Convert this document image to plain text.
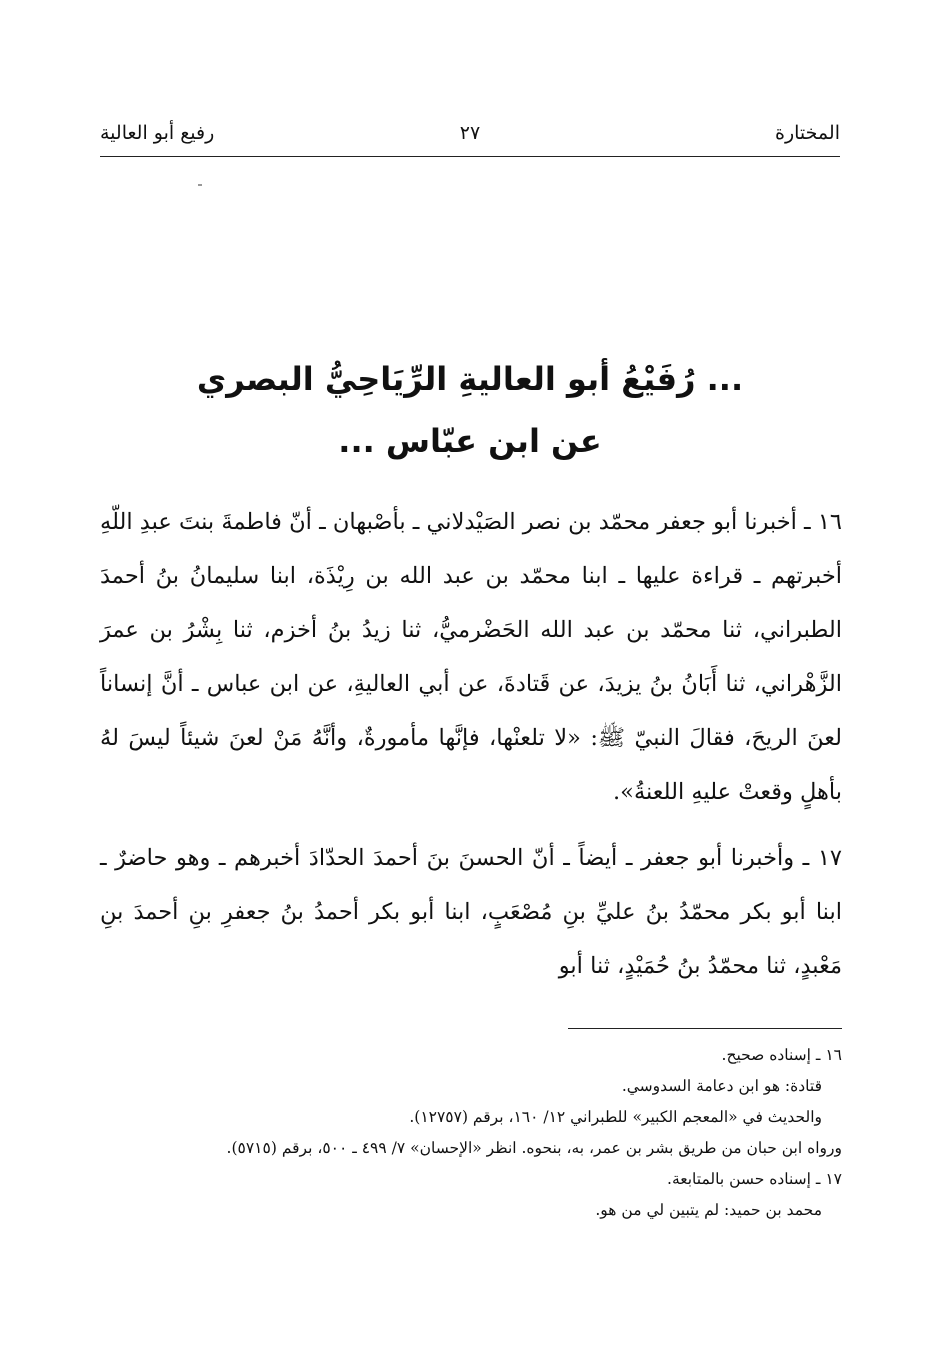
المختارة
٢٧
رفيع أبو العالية
... رُفَيْعُ أبو العاليةِ الرِّيَاحِيُّ البصري
عن ابن عبّاس ...

١٦ ـ أخبرنا أبو جعفر محمّد بن نصر الصَيْدلاني ـ بأصْبهان ـ أنّ فاطمةَ بنتَ عبدِ اللّهِ أخبرتهم ـ قراءة عليها ـ ابنا محمّد بن عبد الله بن رِيْذَة، ابنا سليمانُ بنُ أحمدَ الطبراني، ثنا محمّد بن عبد الله الحَضْرميُّ، ثنا زيدُ بنُ أخزم، ثنا بِشْرُ بن عمرَ الزَّهْراني، ثنا أَبَانُ بنُ يزيدَ، عن قَتادةَ، عن أبي العاليةِ، عن ابن عباس ـ أنَّ إنساناً لعنَ الريحَ، فقالَ النبيّ ﷺ: «لا تلعنْها، فإنَّها مأمورةٌ، وأنَّهُ مَنْ لعنَ شيئاً ليسَ لهُ بأهلٍ وقعتْ عليهِ اللعنةُ».

١٧ ـ وأخبرنا أبو جعفر ـ أيضاً ـ أنّ الحسنَ بنَ أحمدَ الحدّادَ أخبرهم ـ وهو حاضرٌ ـ ابنا أبو بكر محمّدُ بنُ عليِّ بنِ مُصْعَبٍ، ابنا أبو بكر أحمدُ بنُ جعفرِ بنِ أحمدَ بنِ مَعْبدٍ، ثنا محمّدُ بنُ حُمَيْدٍ، ثنا أبو

١٦ ـ إسناده صحيح.

قتادة: هو ابن دعامة السدوسي.

والحديث في «المعجم الكبير» للطبراني ١٢/ ١٦٠، برقم (١٢٧٥٧).

ورواه ابن حبان من طريق بشر بن عمر، به، بنحوه. انظر «الإحسان» ٧/ ٤٩٩ ـ ٥٠٠، برقم (٥٧١٥).

١٧ ـ إسناده حسن بالمتابعة.

محمد بن حميد: لم يتبين لي من هو.
